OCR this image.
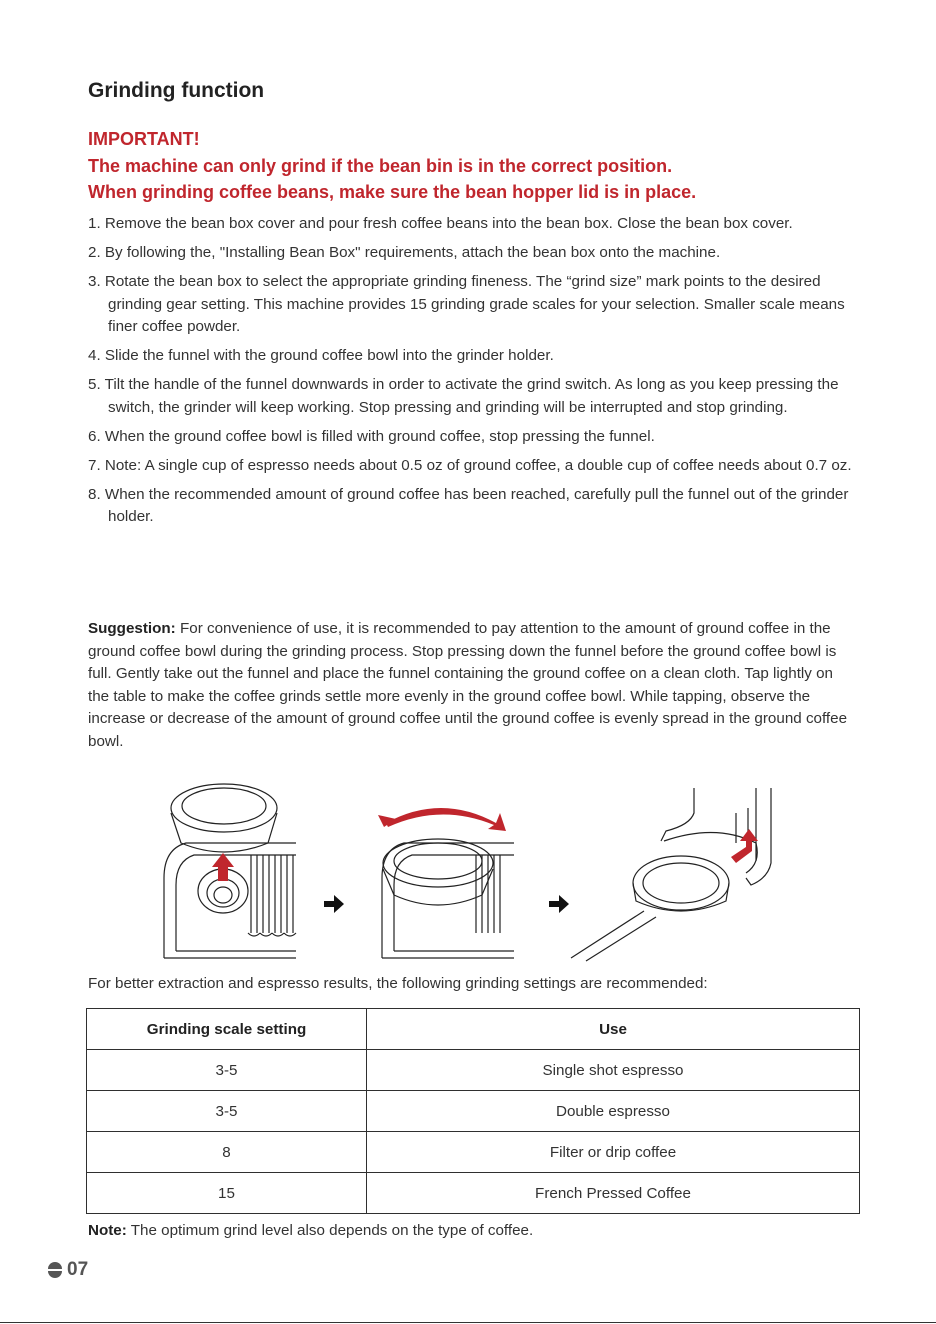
Grinding function
IMPORTANT!
The machine can only grind if the bean bin is in the correct position.
When grinding coffee beans, make sure the bean hopper lid is in place.
1. Remove the bean box cover and pour fresh coffee beans into the bean box. Close the bean box cover.
2. By following the, "Installing Bean Box" requirements, attach the bean box onto the machine.
3. Rotate the bean box to select the appropriate grinding fineness. The “grind size” mark points to the desired grinding gear setting. This machine provides 15 grinding grade scales for your selection. Smaller scale means finer coffee powder.
4. Slide the funnel with the ground coffee bowl into the grinder holder.
5. Tilt the handle of the funnel downwards in order to activate the grind switch. As long as you keep pressing the switch, the grinder will keep working. Stop pressing and grinding will be interrupted and stop grinding.
6. When the ground coffee bowl is filled with ground coffee, stop pressing the funnel.
7. Note: A single cup of espresso needs about 0.5 oz of ground coffee, a double cup of coffee needs about 0.7 oz.
8. When the recommended amount of ground coffee has been reached, carefully pull the funnel out of the grinder holder.

Suggestion: For convenience of use, it is recommended to pay attention to the amount of ground coffee in the ground coffee bowl during the grinding process. Stop pressing down the funnel before the ground coffee bowl is full. Gently take out the funnel and place the funnel containing the ground coffee on a clean cloth. Tap lightly on the table to make the coffee grinds settle more evenly in the ground coffee bowl. While tapping, observe the increase or decrease of the amount of ground coffee until the ground coffee is evenly spread in the ground coffee bowl.

For better extraction and espresso results, the following grinding settings are recommended:

Grinding scale setting	Use
3-5	Single shot espresso
3-5	Double espresso
8	Filter or drip coffee
15	French Pressed Coffee

Note: The optimum grind level also depends on the type of coffee.

07
